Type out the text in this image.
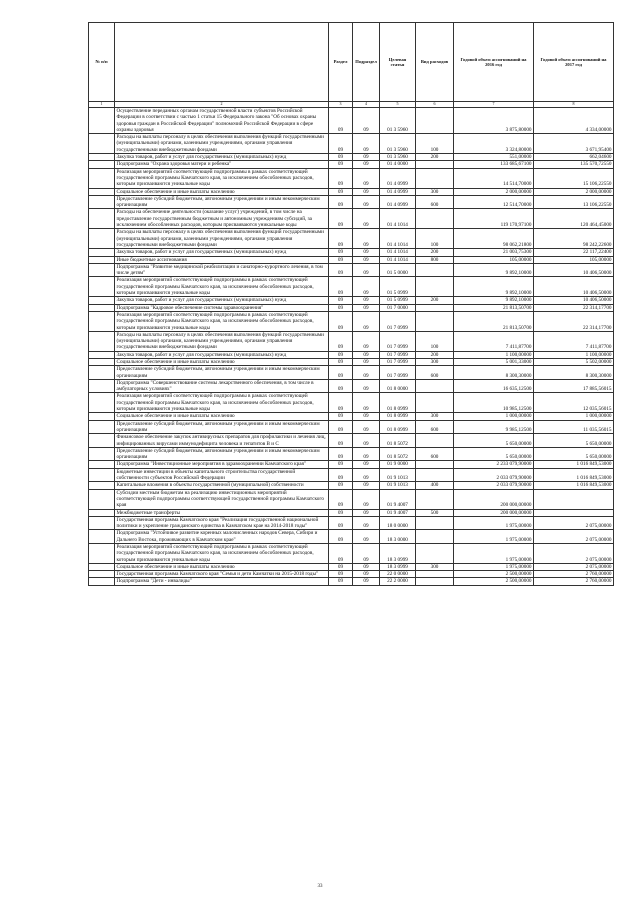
№ п/п		Раздел	Подраздел	Целевая статья	Вид расходов	Годовой объем ассигнований на 2016 год	Годовой объем ассигнований на 2017 год
1	2	3	4	5	6	7	8
	Осуществление переданных органам государственной власти субъектов Российской Федерации в соответствии с частью 1 статьи 15 Федерального закона "Об основах охраны здоровья граждан в Российской Федерации" полномочий Российской Федерации в сфере охраны здоровья	09	09	01 3 5960		3 875,80000	4 334,00000
	Расходы на выплаты персоналу в целях обеспечения выполнения функций государственными (муниципальными) органами, казенными учреждениями, органами управления государственными внебюджетными фондами	09	09	01 3 5960	100	3 324,80000	3 671,95400
	Закупка товаров, работ и услуг для государственных (муниципальных) нужд	09	09	01 3 5960	200	551,00000	662,04600
	Подпрограмма "Охрана здоровья матери и ребенка"	09	09	01 4 0000		133 685,67100	135 570,72550
	Реализация мероприятий соответствующей подпрограммы в рамках соответствующей государственной программы Камчатского края, за исключением обособленных расходов, которым присваиваются уникальные коды	09	09	01 4 0999		14 514,70000	15 106,22550
	Социальное обеспечение и иные выплаты населению	09	09	01 4 0999	300	2 000,00000	2 000,00000
	Предоставление субсидий бюджетным, автономным учреждениям и иным некоммерческим организациям	09	09	01 4 0999	600	12 514,70000	13 106,22550
	Расходы на обеспечение деятельности (оказание услуг) учреждений, в том числе на предоставление государственным бюджетным и автономным учреждениям субсидий, за исключением обособленных расходов, которым присваиваются уникальные коды	09	09	01 4 1014		119 170,97100	120 464,45000
	Расходы на выплаты персоналу в целях обеспечения выполнения функций государственными (муниципальными) органами, казенными учреждениями, органами управления государственными внебюджетными фондами	09	09	01 4 1014	100	98 062,21800	98 242,22600
	Закупка товаров, работ и услуг для государственных (муниципальных) нужд	09	09	01 4 1014	200	21 003,75300	22 117,22400
	Иные бюджетные ассигнования	09	09	01 4 1014	800	105,00000	105,00000
	Подпрограмма "Развитие медицинской реабилитации и санаторно-курортного лечения, в том числе детям"	09	09	01 5 0000		9 892,10000	10 406,50000
	Реализация мероприятий соответствующей подпрограммы в рамках соответствующей государственной программы Камчатского края, за исключением обособленных расходов, которым присваиваются уникальные коды	09	09	01 5 0999		9 892,10000	10 406,50000
	Закупка товаров, работ и услуг для государственных (муниципальных) нужд	09	09	01 5 0999	200	9 892,10000	10 406,50000
	Подпрограмма "Кадровое обеспечение системы здравоохранения"	09	09	01 7 0000		21 813,50700	22 314,17700
	Реализация мероприятий соответствующей подпрограммы в рамках соответствующей государственной программы Камчатского края, за исключением обособленных расходов, которым присваиваются уникальные коды	09	09	01 7 0999		21 813,50700	22 314,17700
	Расходы на выплаты персоналу в целях обеспечения выполнения функций государственными (муниципальными) органами, казенными учреждениями, органами управления государственными внебюджетными фондами	09	09	01 7 0999	100	7 411,87700	7 411,87700
	Закупка товаров, работ и услуг для государственных (муниципальных) нужд	09	09	01 7 0999	200	1 100,00000	1 100,00000
	Социальное обеспечение и иные выплаты населению	09	09	01 7 0999	300	5 001,33000	5 502,00000
	Предоставление субсидий бюджетным, автономным учреждениям и иным некоммерческим организациям	09	09	01 7 0999	600	8 300,30000	8 300,30000
	Подпрограмма "Совершенствование системы лекарственного обеспечения, в том числе в амбулаторных условиях"	09	09	01 8 0000		16 635,12500	17 885,56015
	Реализация мероприятий соответствующей подпрограммы в рамках соответствующей государственной программы Камчатского края, за исключением обособленных расходов, которым присваиваются уникальные коды	09	09	01 8 0999		10 985,12500	12 035,56015
	Социальное обеспечение и иные выплаты населению	09	09	01 8 0999	300	1 000,00000	1 000,00000
	Предоставление субсидий бюджетным, автономным учреждениям и иным некоммерческим организациям	09	09	01 8 0999	600	9 985,12500	11 035,56015
	Финансовое обеспечение закупок антивирусных препаратов для профилактики и лечения лиц, инфицированных вирусами иммунодефицита человека и гепатитов В и С	09	09	01 8 5072		5 650,00000	5 650,00000
	Предоставление субсидий бюджетным, автономным учреждениям и иным некоммерческим организациям	09	09	01 8 5072	600	5 650,00000	5 650,00000
	Подпрограмма "Инвестиционные мероприятия в здравоохранении Камчатского края"	09	09	01 9 0000		2 233 079,90000	1 016 849,53000
	Бюджетные инвестиции в объекты капитального строительства государственной собственности субъектов Российской Федерации	09	09	01 9 1013		2 033 079,90000	1 016 849,53000
	Капитальные вложения в объекты государственной (муниципальной) собственности	09	09	01 9 1013	400	2 033 079,90000	1 016 849,53000
	Субсидии местным бюджетам на реализацию инвестиционных мероприятий соответствующей подпрограммы соответствующей государственной программы Камчатского края	09	09	01 9 4007		200 000,00000	
	Межбюджетные трансферты	09	09	01 9 4007	500	200 000,00000	
	Государственная программа Камчатского края "Реализация государственной национальной политики и укрепление гражданского единства в Камчатском крае на 2014-2018 годы"	09	09	18 0 0000		1 975,00000	2 075,00000
	Подпрограмма "Устойчивое развитие коренных малочисленных народов Севера, Сибири и Дальнего Востока, проживающих в Камчатском крае"	09	09	18 3 0000		1 975,00000	2 075,00000
	Реализация мероприятий соответствующей подпрограммы в рамках соответствующей государственной программы Камчатского края, за исключением обособленных расходов, которым присваиваются уникальные коды	09	09	18 3 0999		1 975,00000	2 075,00000
	Социальное обеспечение и иные выплаты населению	09	09	18 3 0999	300	1 975,00000	2 075,00000
	Государственная программа Камчатского края "Семья и дети Камчатки на 2015-2018 годы"	09	09	22 0 0000		2 500,00000	2 760,00000
	Подпрограмма "Дети - инвалиды"	09	09	22 2 0000		2 500,00000	2 760,00000
33
